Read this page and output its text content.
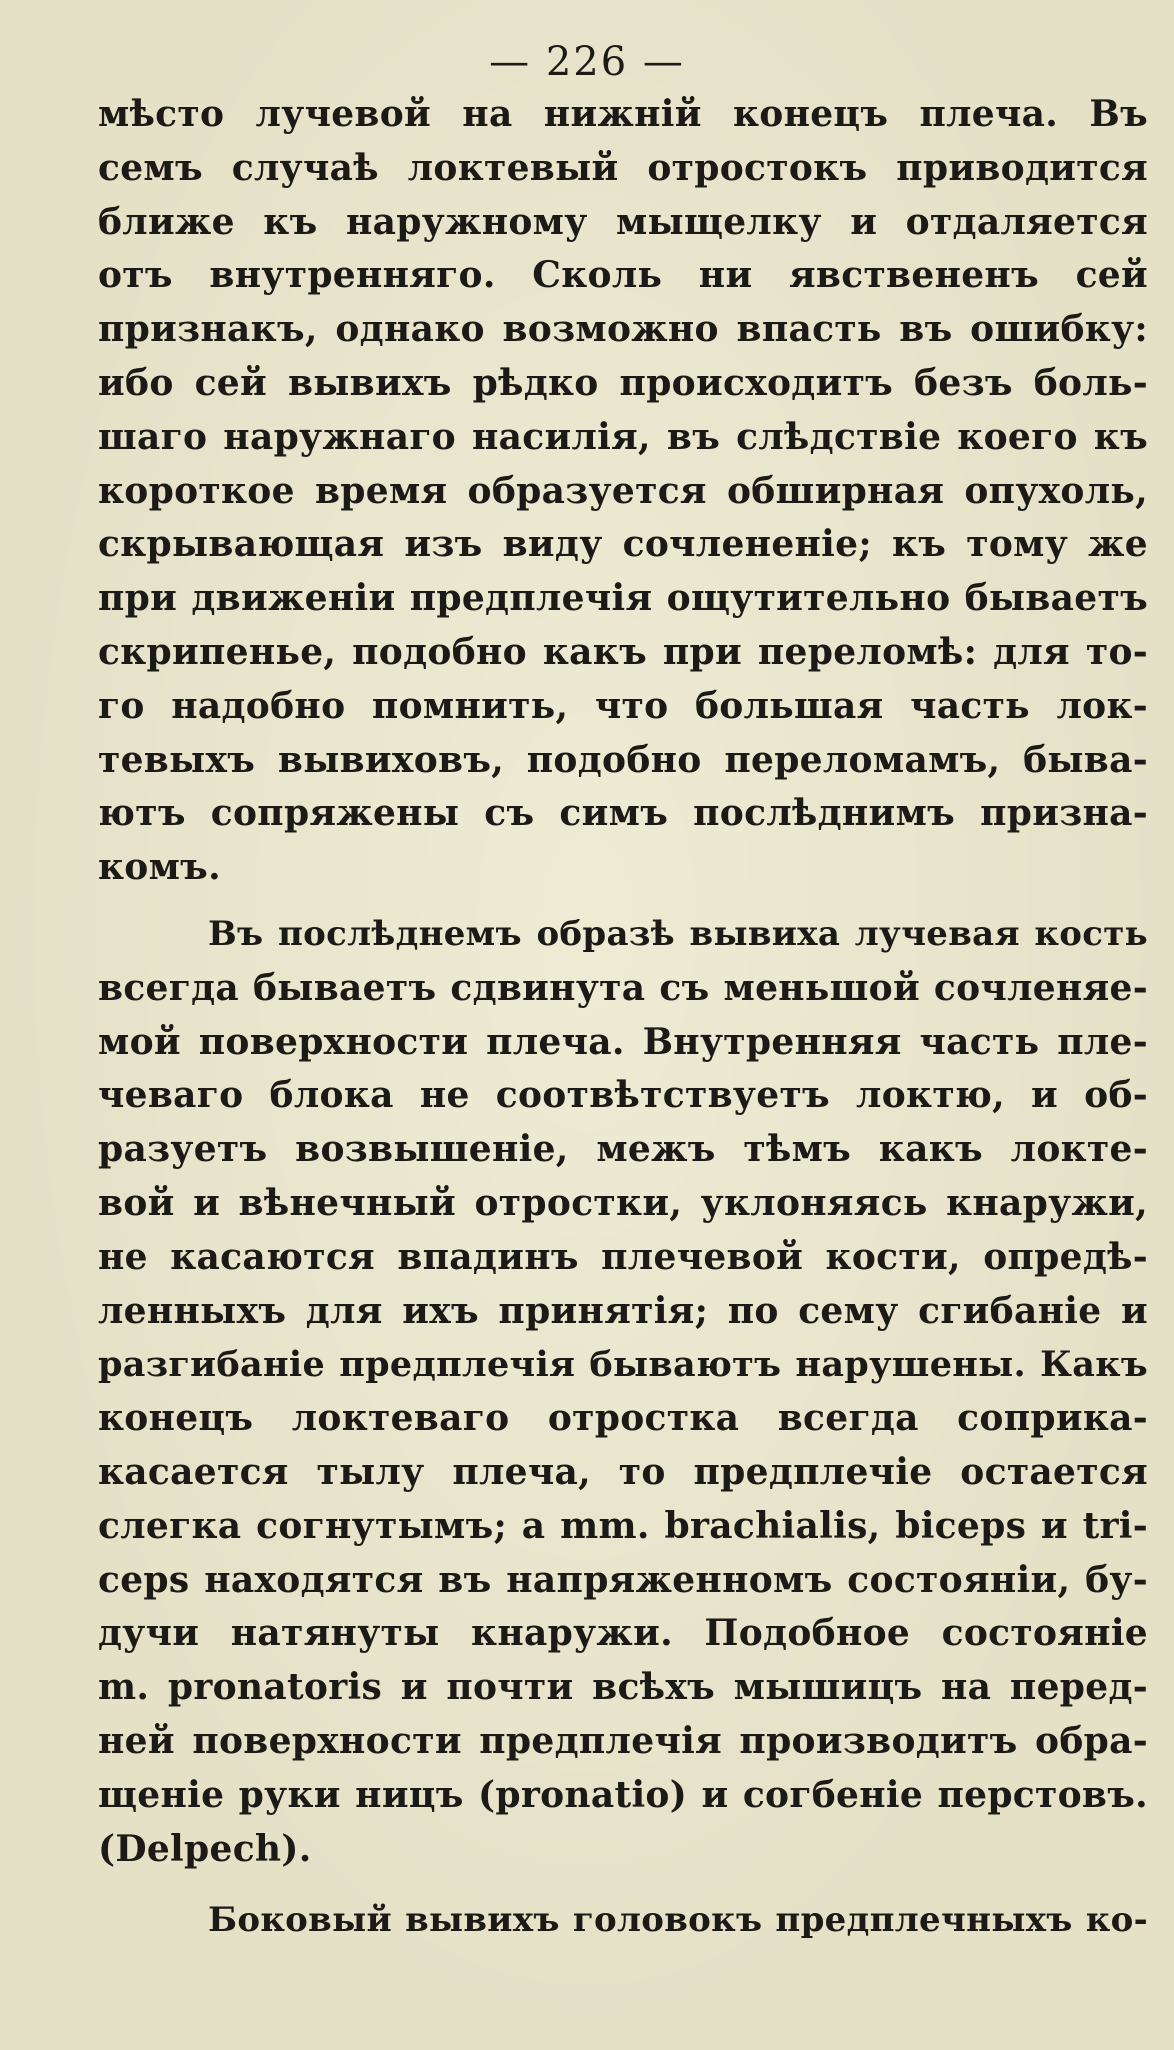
— 226 —
мѣсто лучевой на нижній конецъ плеча. Въ
семъ случаѣ локтевый отростокъ приводится
ближе къ наружному мыщелку и отдаляется
отъ внутренняго. Сколь ни явствененъ сей
признакъ, однако возможно впасть въ ошибку:
ибо сей вывихъ рѣдко происходитъ безъ боль-
шаго наружнаго насилія, въ слѣдствіе коего къ
короткое время образуется обширная опухоль,
скрывающая изъ виду сочлененіе; къ тому же
при движеніи предплечія ощутительно бываетъ
скрипенье, подобно какъ при переломѣ: для то-
го надобно помнить, что большая часть лок-
тевыхъ вывиховъ, подобно переломамъ, быва-
ютъ сопряжены съ симъ послѣднимъ призна-
комъ.
Въ послѣднемъ образѣ вывиха лучевая кость
всегда бываетъ сдвинута съ меньшой сочленяе-
мой поверхности плеча. Внутренняя часть пле-
чеваго блока не соотвѣтствуетъ локтю, и об-
разуетъ возвышеніе, межъ тѣмъ какъ локте-
вой и вѣнечный отростки, уклоняясь кнаружи,
не касаются впадинъ плечевой кости, опредѣ-
ленныхъ для ихъ принятія; по сему сгибаніе и
разгибаніе предплечія бываютъ нарушены. Какъ
конецъ локтеваго отростка всегда соприка-
касается тылу плеча, то предплечіе остается
слегка согнутымъ; а mm. brachialis, biceps и tri-
ceps находятся въ напряженномъ состояніи, бу-
дучи натянуты кнаружи. Подобное состояніе
m. pronatoris и почти всѣхъ мышицъ на перед-
ней поверхности предплечія производитъ обра-
щеніе руки ницъ (pronatio) и согбеніе перстовъ.
(Delpech).
Боковый вывихъ головокъ предплечныхъ ко-
